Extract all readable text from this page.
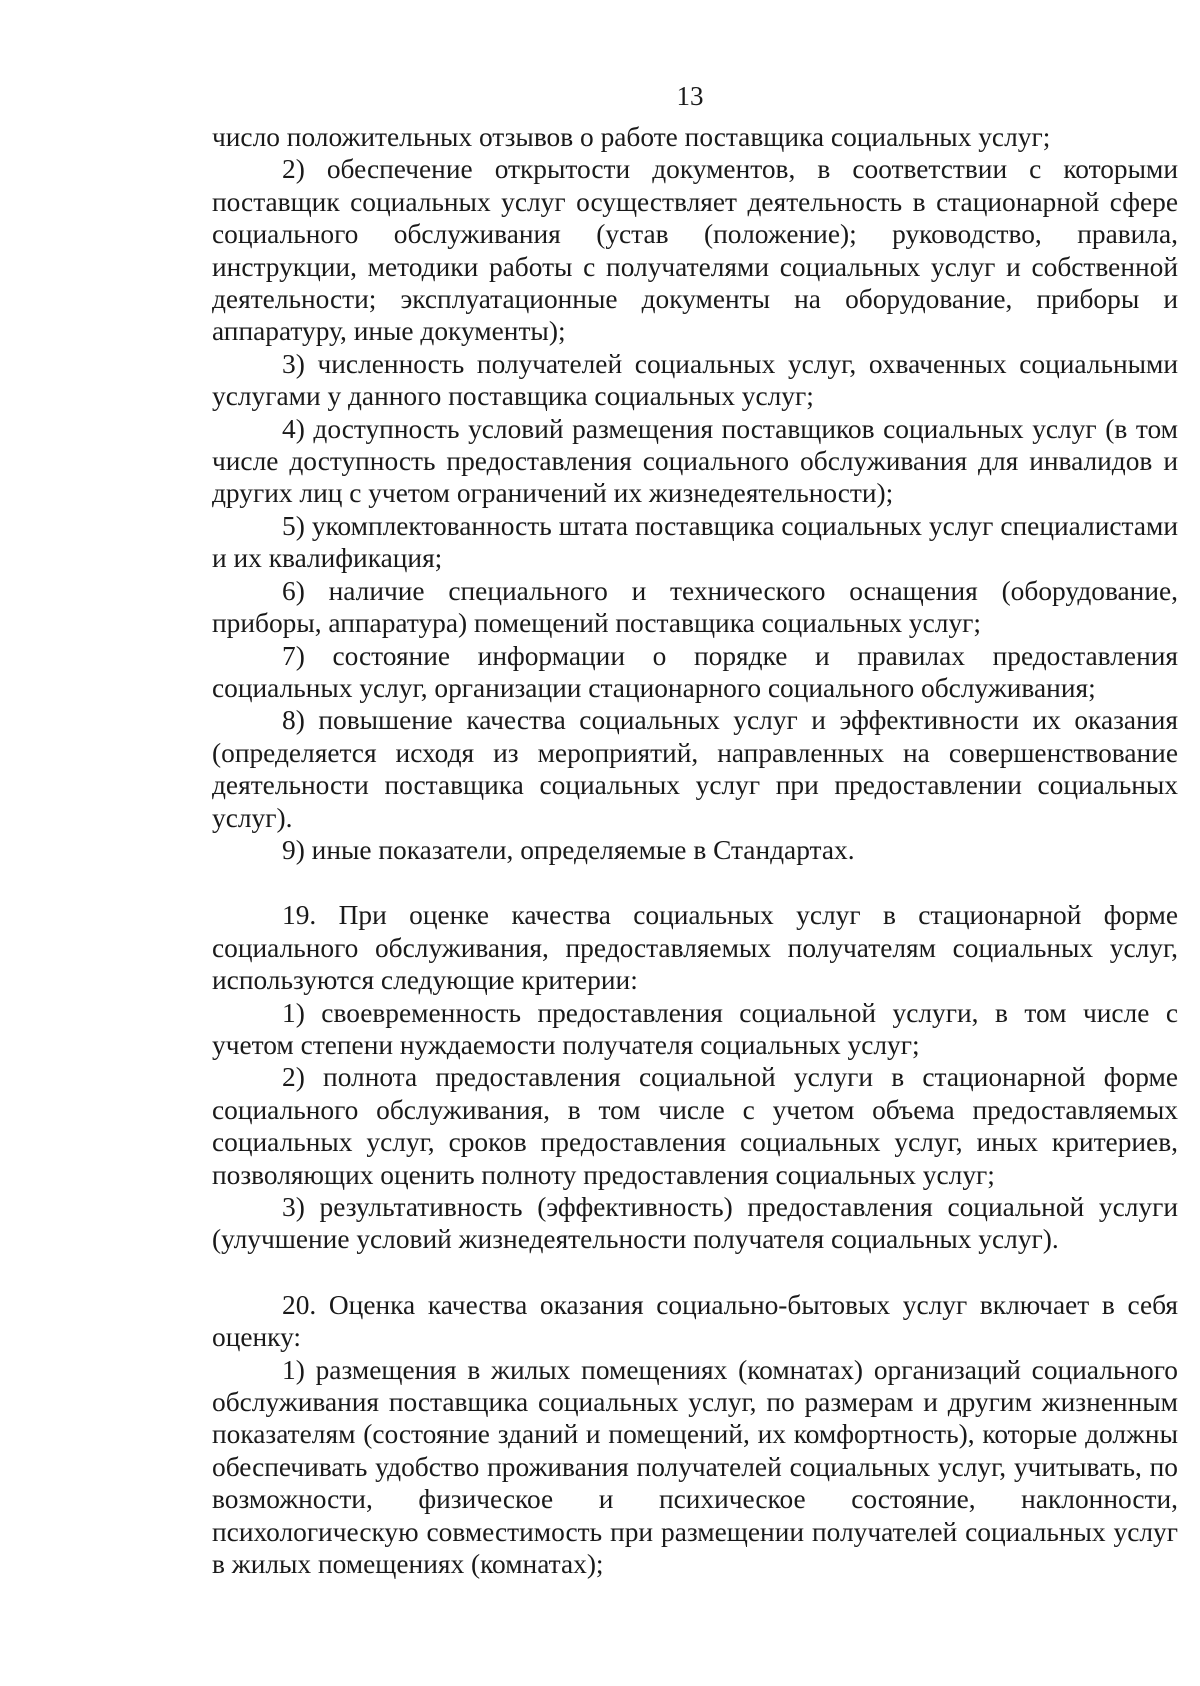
13

число положительных отзывов о работе поставщика социальных услуг;

2) обеспечение открытости документов, в соответствии с которыми поставщик социальных услуг осуществляет деятельность в стационарной сфере социального обслуживания (устав (положение); руководство, правила, инструкции, методики работы с получателями социальных услуг и собственной деятельности; эксплуатационные документы на оборудование, приборы и аппаратуру, иные документы);

3) численность получателей социальных услуг, охваченных социальными услугами у данного поставщика социальных услуг;

4) доступность условий размещения поставщиков социальных услуг (в том числе доступность предоставления социального обслуживания для инвалидов и других лиц с учетом ограничений их жизнедеятельности);

5) укомплектованность штата поставщика социальных услуг специалистами и их квалификация;

6) наличие специального и технического оснащения (оборудование, приборы, аппаратура) помещений поставщика социальных услуг;

7) состояние информации о порядке и правилах предоставления социальных услуг, организации стационарного социального обслуживания;

8) повышение качества социальных услуг и эффективности их оказания (определяется исходя из мероприятий, направленных на совершенствование деятельности поставщика социальных услуг при предоставлении социальных услуг).

9) иные показатели, определяемые в Стандартах.

19. При оценке качества социальных услуг в стационарной форме социального обслуживания, предоставляемых получателям социальных услуг, используются следующие критерии:

1) своевременность предоставления социальной услуги, в том числе с учетом степени нуждаемости получателя социальных услуг;

2) полнота предоставления социальной услуги в стационарной форме социального обслуживания, в том числе с учетом объема предоставляемых социальных услуг, сроков предоставления социальных услуг, иных критериев, позволяющих оценить полноту предоставления социальных услуг;

3) результативность (эффективность) предоставления социальной услуги (улучшение условий жизнедеятельности получателя социальных услуг).

20. Оценка качества оказания социально-бытовых услуг включает в себя оценку:

1) размещения в жилых помещениях (комнатах) организаций социального обслуживания поставщика социальных услуг, по размерам и другим жизненным показателям (состояние зданий и помещений, их комфортность), которые должны обеспечивать удобство проживания получателей социальных услуг, учитывать, по возможности, физическое и психическое состояние, наклонности, психологическую совместимость при размещении получателей социальных услуг в жилых помещениях (комнатах);
